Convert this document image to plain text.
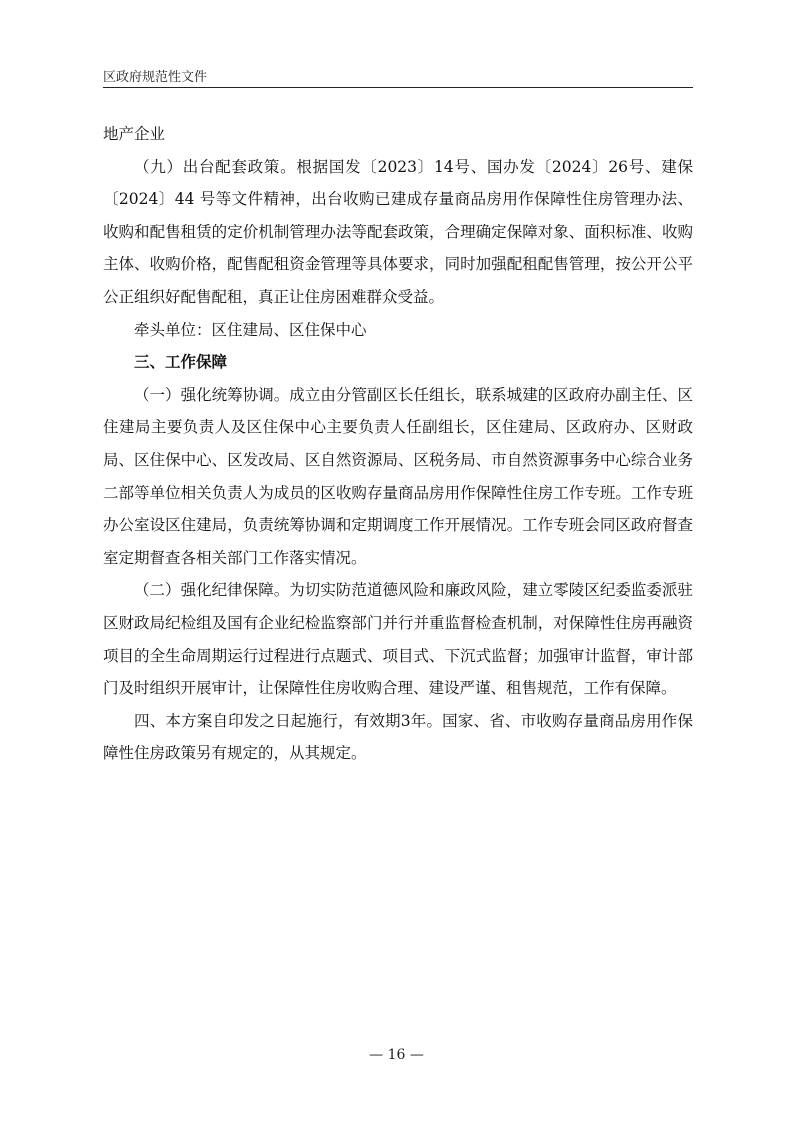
区政府规范性文件

地产企业

（九）出台配套政策。根据国发〔2023〕14号、国办发〔2024〕26号、建保〔2024〕44 号等文件精神，出台收购已建成存量商品房用作保障性住房管理办法、收购和配售租赁的定价机制管理办法等配套政策，合理确定保障对象、面积标准、收购主体、收购价格，配售配租资金管理等具体要求，同时加强配租配售管理，按公开公平公正组织好配售配租，真正让住房困难群众受益。

牵头单位：区住建局、区住保中心

三、工作保障

（一）强化统筹协调。成立由分管副区长任组长，联系城建的区政府办副主任、区住建局主要负责人及区住保中心主要负责人任副组长，区住建局、区政府办、区财政局、区住保中心、区发改局、区自然资源局、区税务局、市自然资源事务中心综合业务二部等单位相关负责人为成员的区收购存量商品房用作保障性住房工作专班。工作专班办公室设区住建局，负责统筹协调和定期调度工作开展情况。工作专班会同区政府督查室定期督查各相关部门工作落实情况。

（二）强化纪律保障。为切实防范道德风险和廉政风险，建立零陵区纪委监委派驻区财政局纪检组及国有企业纪检监察部门并行并重监督检查机制，对保障性住房再融资项目的全生命周期运行过程进行点题式、项目式、下沉式监督；加强审计监督，审计部门及时组织开展审计，让保障性住房收购合理、建设严谨、租售规范，工作有保障。

四、本方案自印发之日起施行，有效期3年。国家、省、市收购存量商品房用作保障性住房政策另有规定的，从其规定。

— 16 —
